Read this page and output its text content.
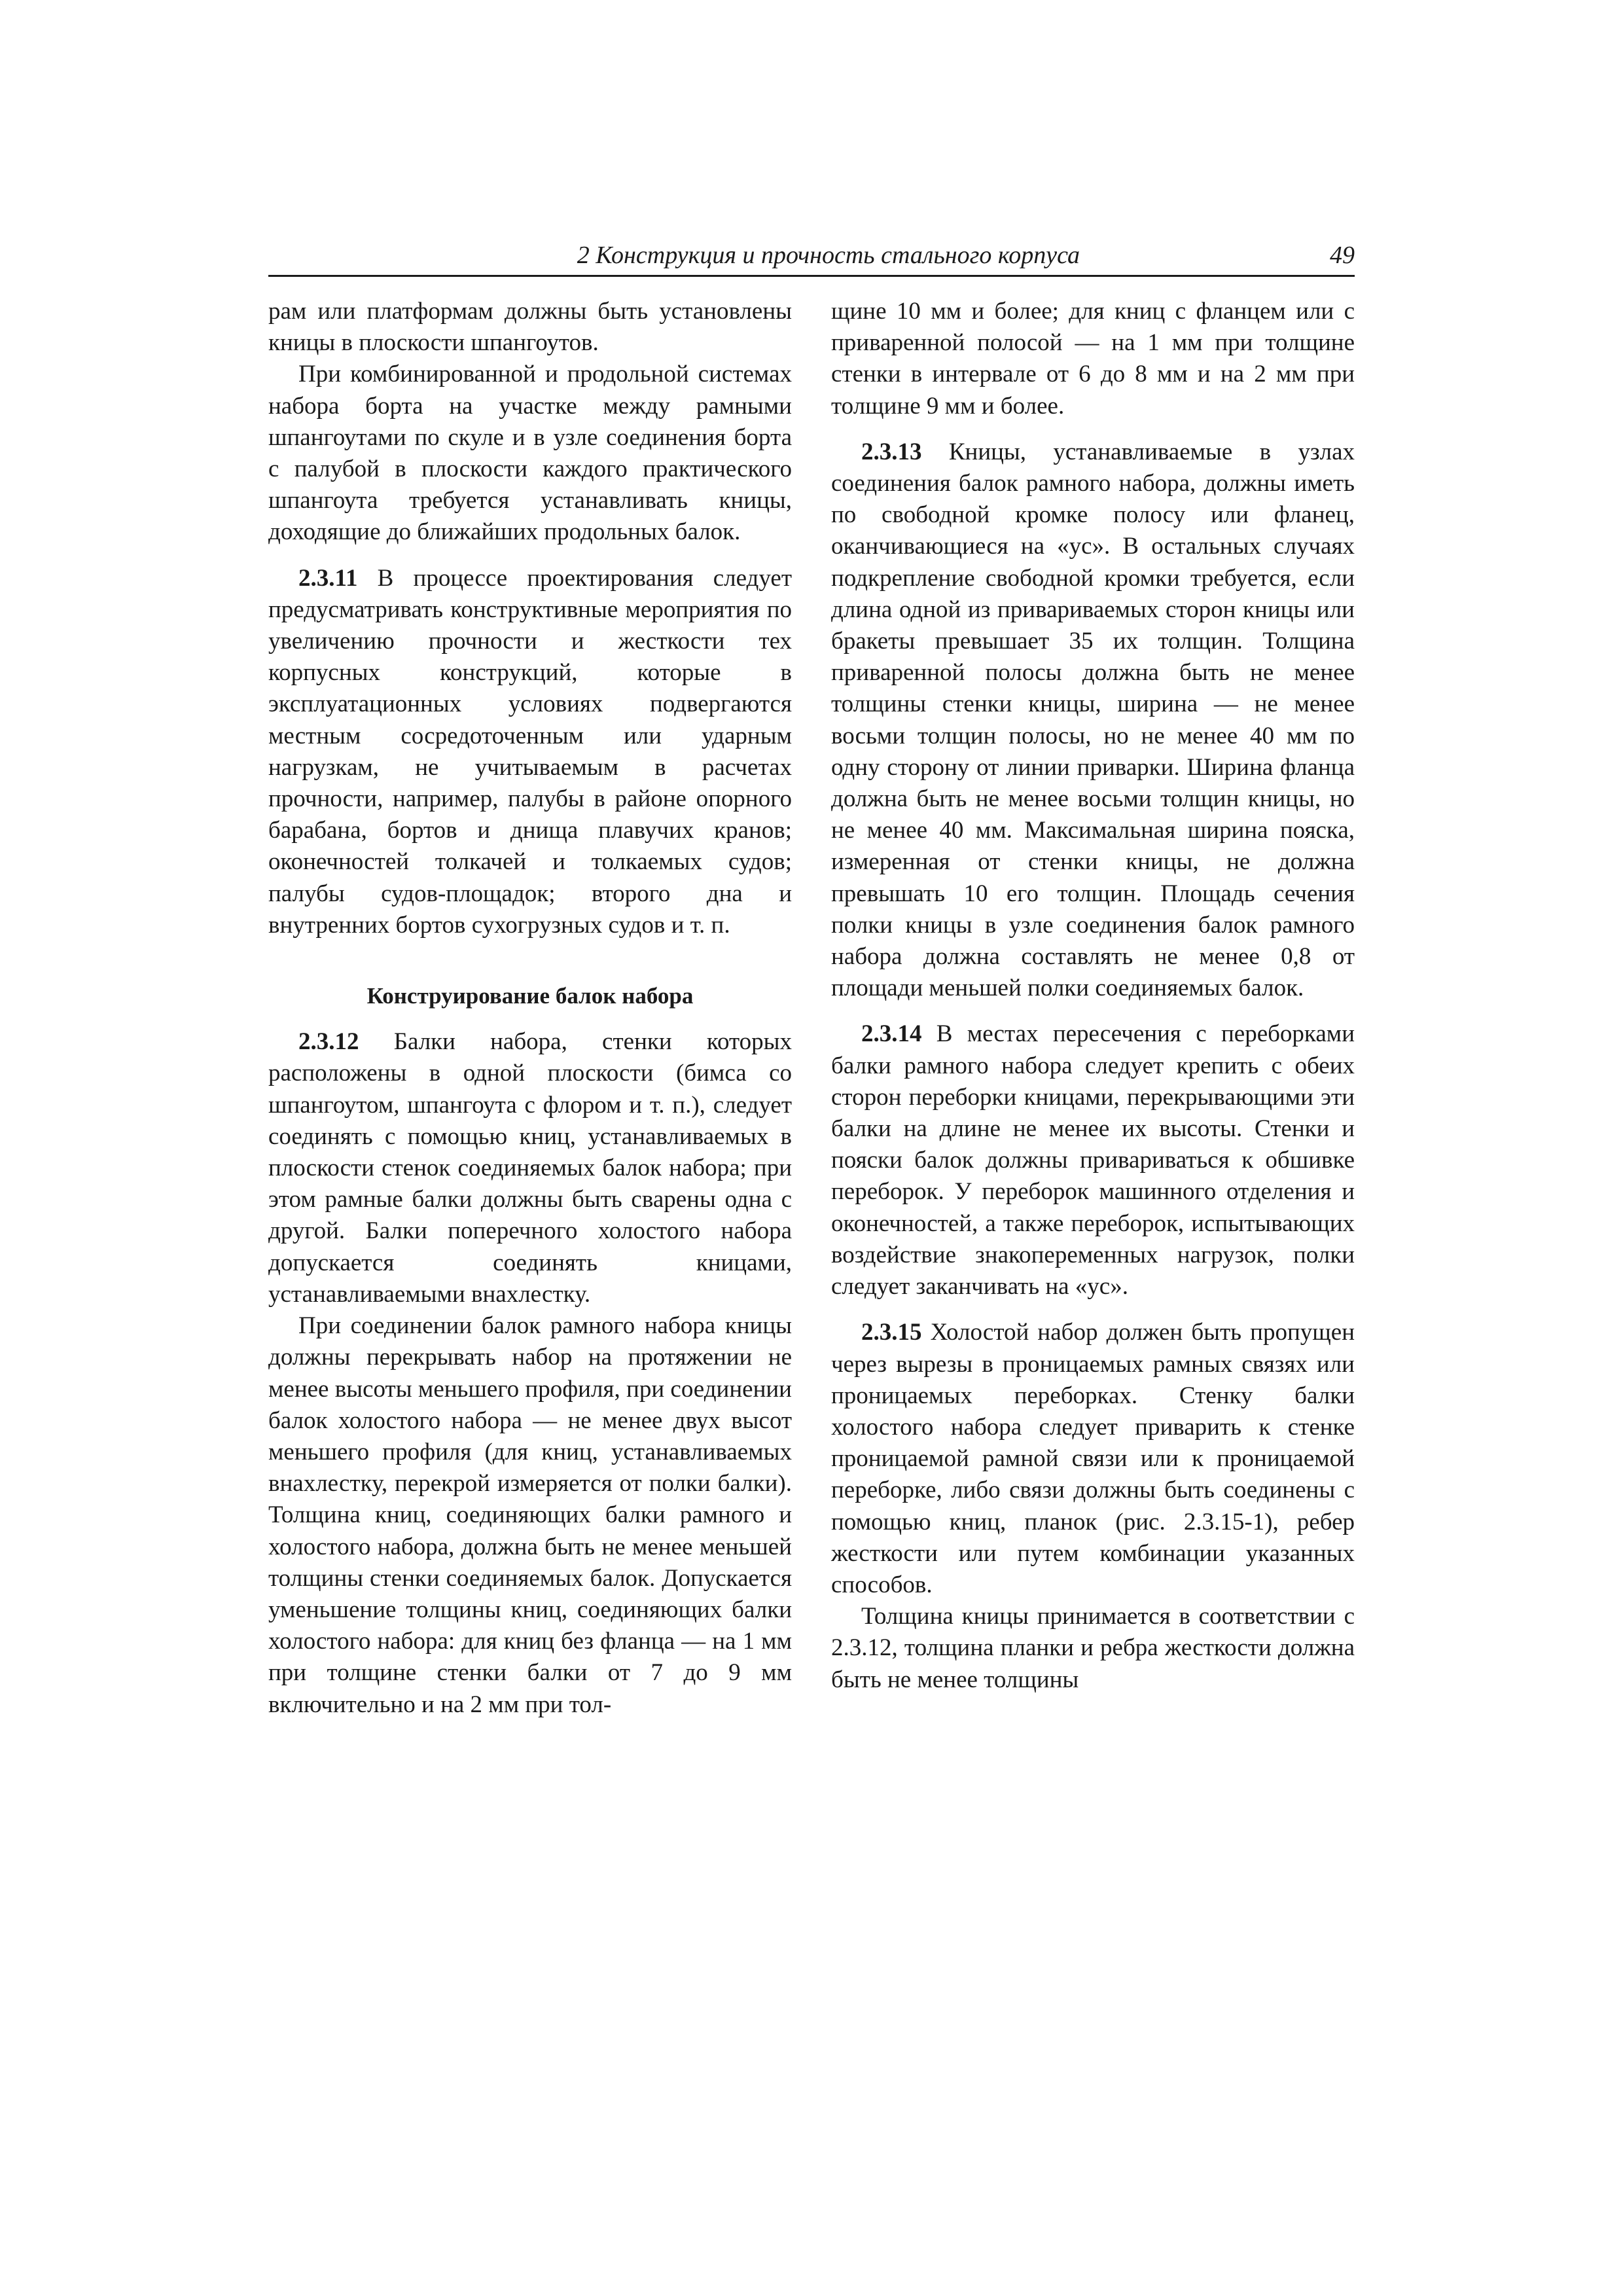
2 Конструкция и прочность стального корпуса	49

рам или платформам должны быть установлены кницы в плоскости шпангоутов.

При комбинированной и продольной системах набора борта на участке между рамными шпангоутами по скуле и в узле соединения борта с палубой в плоскости каждого практического шпангоута требуется устанавливать кницы, доходящие до ближайших продольных балок.

2.3.11 В процессе проектирования следует предусматривать конструктивные мероприятия по увеличению прочности и жесткости тех корпусных конструкций, которые в эксплуатационных условиях подвергаются местным сосредоточенным или ударным нагрузкам, не учитываемым в расчетах прочности, например, палубы в районе опорного барабана, бортов и днища плавучих кранов; оконечностей толкачей и толкаемых судов; палубы судов-площадок; второго дна и внутренних бортов сухогрузных судов и т. п.

Конструирование балок набора

2.3.12 Балки набора, стенки которых расположены в одной плоскости (бимса со шпангоутом, шпангоута с флором и т. п.), следует соединять с помощью книц, устанавливаемых в плоскости стенок соединяемых балок набора; при этом рамные балки должны быть сварены одна с другой. Балки поперечного холостого набора допускается соединять кницами, устанавливаемыми внахлестку.

При соединении балок рамного набора кницы должны перекрывать набор на протяжении не менее высоты меньшего профиля, при соединении балок холостого набора — не менее двух высот меньшего профиля (для книц, устанавливаемых внахлестку, перекрой измеряется от полки балки). Толщина книц, соединяющих балки рамного и холостого набора, должна быть не менее меньшей толщины стенки соединяемых балок. Допускается уменьшение толщины книц, соединяющих балки холостого набора: для книц без фланца — на 1 мм при толщине стенки балки от 7 до 9 мм включительно и на 2 мм при тол-

щине 10 мм и более; для книц с фланцем или с приваренной полосой — на 1 мм при толщине стенки в интервале от 6 до 8 мм и на 2 мм при толщине 9 мм и более.

2.3.13 Кницы, устанавливаемые в узлах соединения балок рамного набора, должны иметь по свободной кромке полосу или фланец, оканчивающиеся на «ус». В остальных случаях подкрепление свободной кромки требуется, если длина одной из привариваемых сторон кницы или бракеты превышает 35 их толщин. Толщина приваренной полосы должна быть не менее толщины стенки кницы, ширина — не менее восьми толщин полосы, но не менее 40 мм по одну сторону от линии приварки. Ширина фланца должна быть не менее восьми толщин кницы, но не менее 40 мм. Максимальная ширина пояска, измеренная от стенки кницы, не должна превышать 10 его толщин. Площадь сечения полки кницы в узле соединения балок рамного набора должна составлять не менее 0,8 от площади меньшей полки соединяемых балок.

2.3.14 В местах пересечения с переборками балки рамного набора следует крепить с обеих сторон переборки кницами, перекрывающими эти балки на длине не менее их высоты. Стенки и пояски балок должны привариваться к обшивке переборок. У переборок машинного отделения и оконечностей, а также переборок, испытывающих воздействие знакопеременных нагрузок, полки следует заканчивать на «ус».

2.3.15 Холостой набор должен быть пропущен через вырезы в проницаемых рамных связях или проницаемых переборках. Стенку балки холостого набора следует приварить к стенке проницаемой рамной связи или к проницаемой переборке, либо связи должны быть соединены с помощью книц, планок (рис. 2.3.15-1), ребер жесткости или путем комбинации указанных способов.

Толщина кницы принимается в соответствии с 2.3.12, толщина планки и ребра жесткости должна быть не менее толщины
